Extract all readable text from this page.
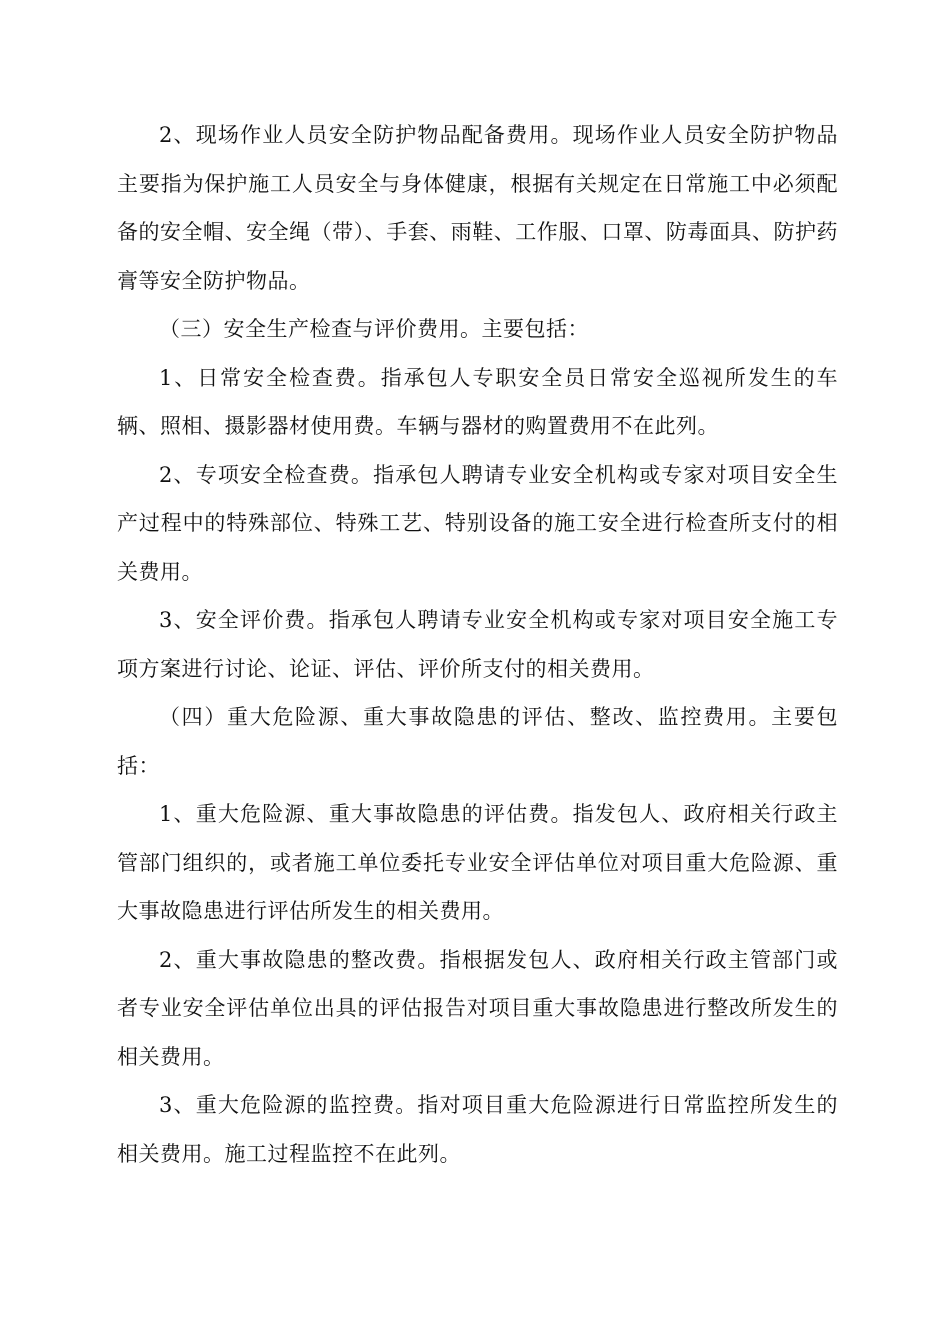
2、现场作业人员安全防护物品配备费用。现场作业人员安全防护物品主要指为保护施工人员安全与身体健康，根据有关规定在日常施工中必须配备的安全帽、安全绳（带）、手套、雨鞋、工作服、口罩、防毒面具、防护药膏等安全防护物品。

（三）安全生产检查与评价费用。主要包括：

1、日常安全检查费。指承包人专职安全员日常安全巡视所发生的车辆、照相、摄影器材使用费。车辆与器材的购置费用不在此列。

2、专项安全检查费。指承包人聘请专业安全机构或专家对项目安全生产过程中的特殊部位、特殊工艺、特别设备的施工安全进行检查所支付的相关费用。

3、安全评价费。指承包人聘请专业安全机构或专家对项目安全施工专项方案进行讨论、论证、评估、评价所支付的相关费用。

（四）重大危险源、重大事故隐患的评估、整改、监控费用。主要包括：

1、重大危险源、重大事故隐患的评估费。指发包人、政府相关行政主管部门组织的，或者施工单位委托专业安全评估单位对项目重大危险源、重大事故隐患进行评估所发生的相关费用。

2、重大事故隐患的整改费。指根据发包人、政府相关行政主管部门或者专业安全评估单位出具的评估报告对项目重大事故隐患进行整改所发生的相关费用。

3、重大危险源的监控费。指对项目重大危险源进行日常监控所发生的相关费用。施工过程监控不在此列。
